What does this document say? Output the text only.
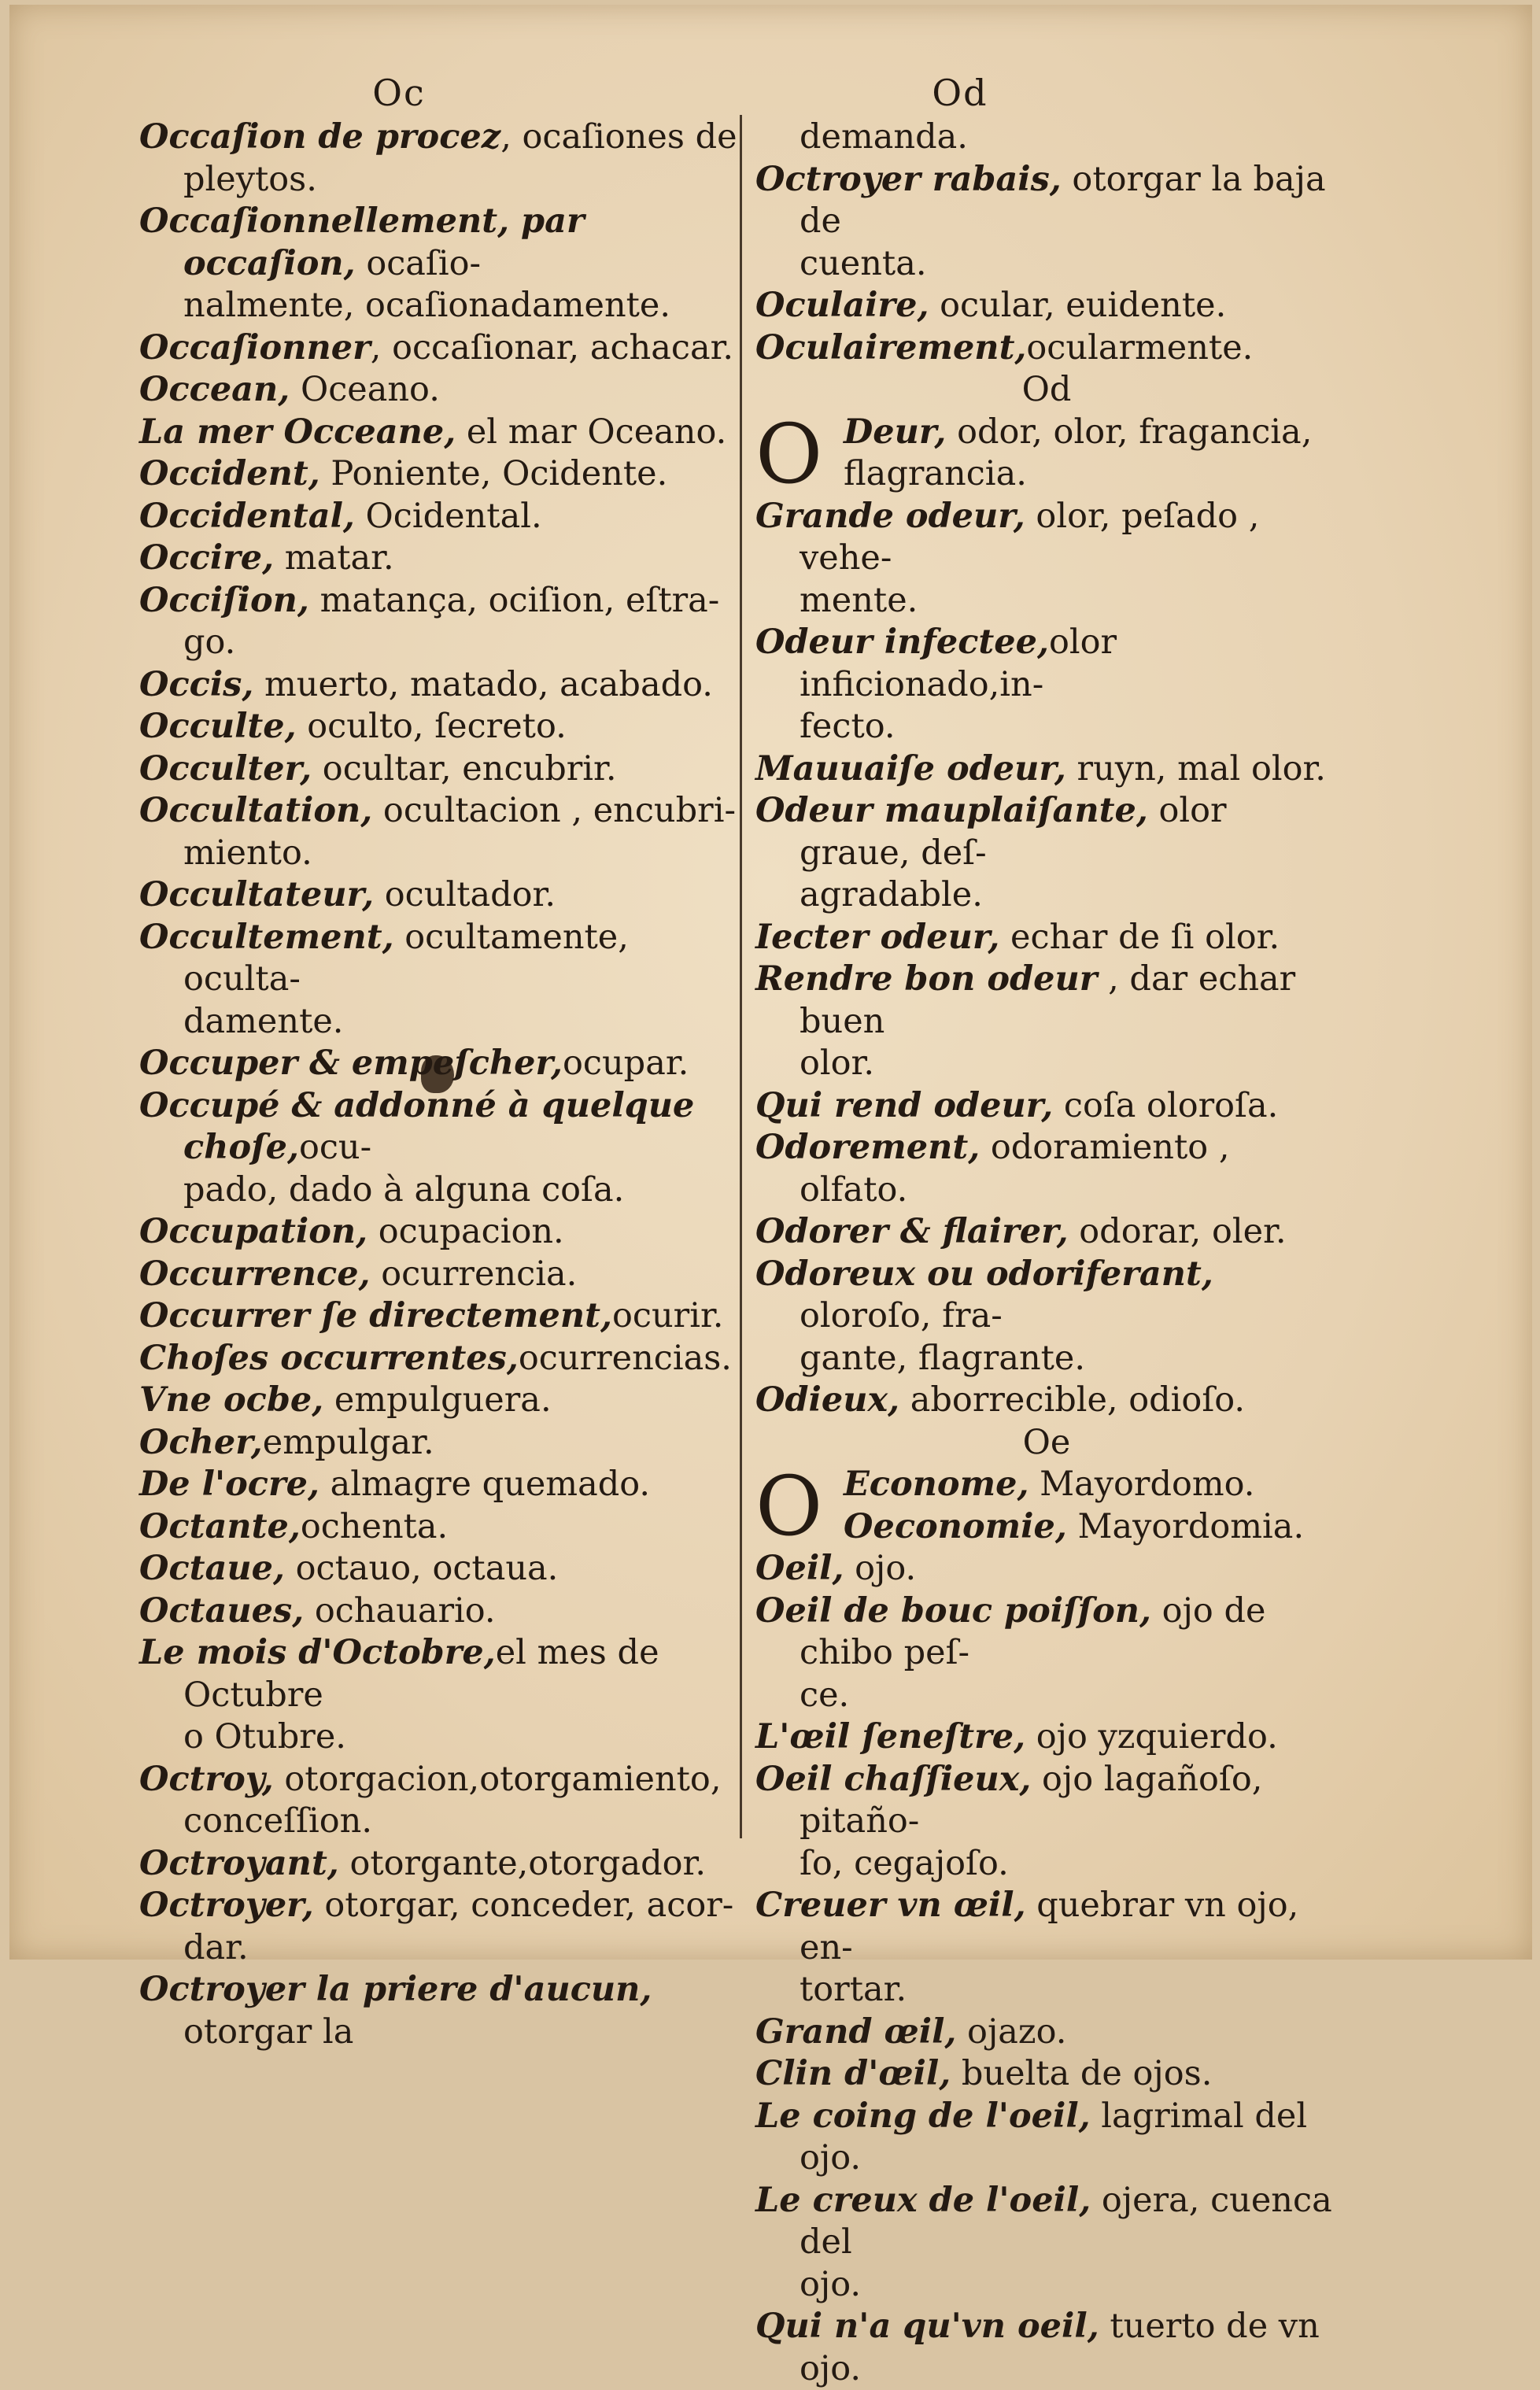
Oc
Occaſion de procez, ocaſiones de
pleytos.
Occaſionnellement, par occaſion, ocaſio-
nalmente, ocaſionadamente.
Occaſionner, occaſionar, achacar.
Occean, Oceano.
La mer Occeane, el mar Oceano.
Occident, Poniente, Ocidente.
Occidental, Ocidental.
Occire, matar.
Occiſion, matança, ociſion, eſtra-
go.
Occis, muerto, matado, acabado.
Occulte, oculto, ſecreto.
Occulter, ocultar, encubrir.
Occultation, ocultacion , encubri-
miento.
Occultateur, ocultador.
Occultement, ocultamente, oculta-
damente.
Occuper & empeſcher,ocupar.
Occupé & addonné à quelque choſe,ocu-
pado, dado à alguna coſa.
Occupation, ocupacion.
Occurrence, ocurrencia.
Occurrer ſe directement,ocurir.
Choſes occurrentes,ocurrencias.
Vne ocbe, empulguera.
Ocher,empulgar.
De l'ocre, almagre quemado.
Octante,ochenta.
Octaue, octauo, octaua.
Octaues, ochauario.
Le mois d'Octobre,el mes de Octubre
o Otubre.
Octroy, otorgacion,otorgamiento,
conceſſion.
Octroyant, otorgante,otorgador.
Octroyer, otorgar, conceder, acor-
dar.
Octroyer la priere d'aucun, otorgar la
Od
demanda.
Octroyer rabais, otorgar la baja de
cuenta.
Oculaire, ocular, euidente.
Oculairement,ocularmente.
Od
O Deur, odor, olor, fragancia,
flagrancia.
Grande odeur, olor, peſado , vehe-
mente.
Odeur infectee,olor inficionado,in-
fecto.
Mauuaiſe odeur, ruyn, mal olor.
Odeur mauplaiſante, olor graue, deſ-
agradable.
Iecter odeur, echar de ſi olor.
Rendre bon odeur , dar echar buen
olor.
Qui rend odeur, coſa oloroſa.
Odorement, odoramiento , olfato.
Odorer & flairer, odorar, oler.
Odoreux ou odoriferant, oloroſo, fra-
gante, flagrante.
Odieux, aborrecible, odioſo.
Oe
O Econome, Mayordomo.
Oeconomie, Mayordomia.
Oeil, ojo.
Oeil de bouc poiſſon, ojo de chibo peſ-
ce.
L'œil ſeneſtre, ojo yzquierdo.
Oeil chaſſieux, ojo lagañoſo, pitaño-
ſo, cegajoſo.
Creuer vn œil, quebrar vn ojo, en-
tortar.
Grand œil, ojazo.
Clin d'œil, buelta de ojos.
Le coing de l'oeil, lagrimal del ojo.
Le creux de l'oeil, ojera, cuenca del
ojo.
Qui n'a qu'vn oeil, tuerto de vn ojo.
